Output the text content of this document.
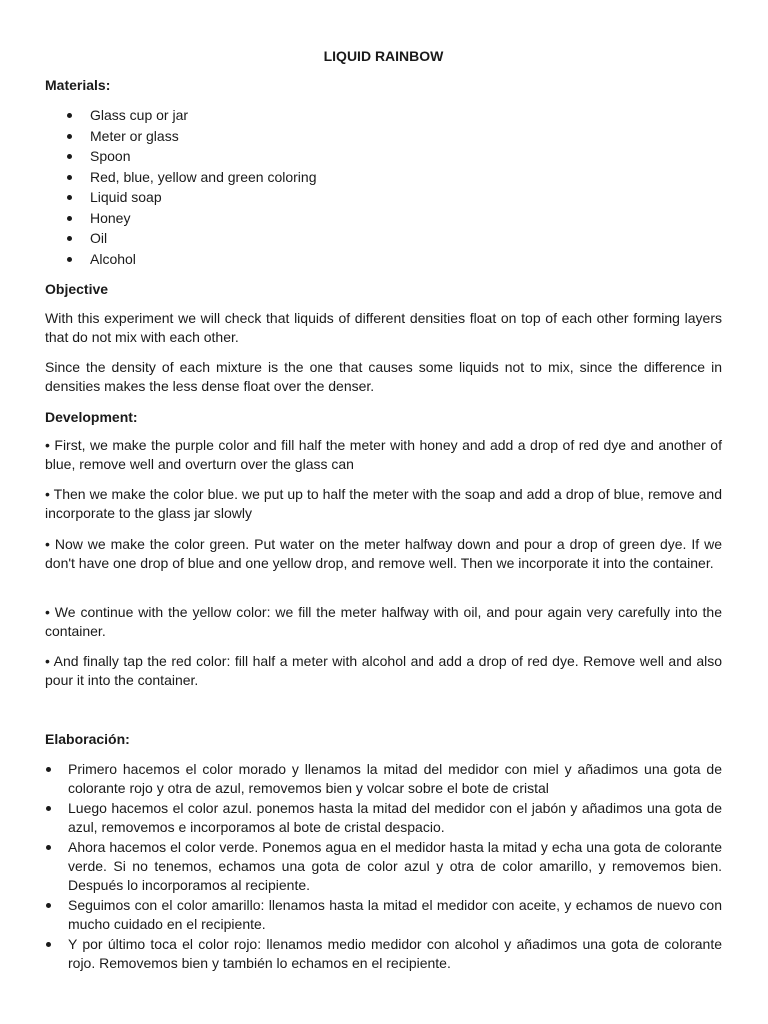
LIQUID RAINBOW
Materials:
Glass cup or jar
Meter or glass
Spoon
Red, blue, yellow and green coloring
Liquid soap
Honey
Oil
Alcohol
Objective

With this experiment we will check that liquids of different densities float on top of each other forming layers that do not mix with each other.

Since the density of each mixture is the one that causes some liquids not to mix, since the difference in densities makes the less dense float over the denser.

Development:

• First, we make the purple color and fill half the meter with honey and add a drop of red dye and another of blue, remove well and overturn over the glass can

• Then we make the color blue. we put up to half the meter with the soap and add a drop of blue, remove and incorporate to the glass jar slowly

• Now we make the color green. Put water on the meter halfway down and pour a drop of green dye. If we don't have one drop of blue and one yellow drop, and remove well. Then we incorporate it into the container.

• We continue with the yellow color: we fill the meter halfway with oil, and pour again very carefully into the container.

• And finally tap the red color: fill half a meter with alcohol and add a drop of red dye. Remove well and also pour it into the container.

Elaboración:
Primero hacemos el color morado y llenamos la mitad del medidor con miel y añadimos una gota de colorante rojo y otra de azul, removemos bien y volcar sobre el bote de cristal
Luego hacemos el color azul. ponemos hasta la mitad del medidor con el jabón y añadimos una gota de azul, removemos e incorporamos al bote de cristal despacio.
Ahora hacemos el color verde. Ponemos agua en el medidor hasta la mitad y echa una gota de colorante verde. Si no tenemos, echamos una gota de color azul y otra de color amarillo, y removemos bien. Después lo incorporamos al recipiente.
Seguimos con el color amarillo: llenamos hasta la mitad el medidor con aceite, y echamos de nuevo con mucho cuidado en el recipiente.
Y por último toca el color rojo: llenamos medio medidor con alcohol y añadimos una gota de colorante rojo. Removemos bien y también lo echamos en el recipiente.
